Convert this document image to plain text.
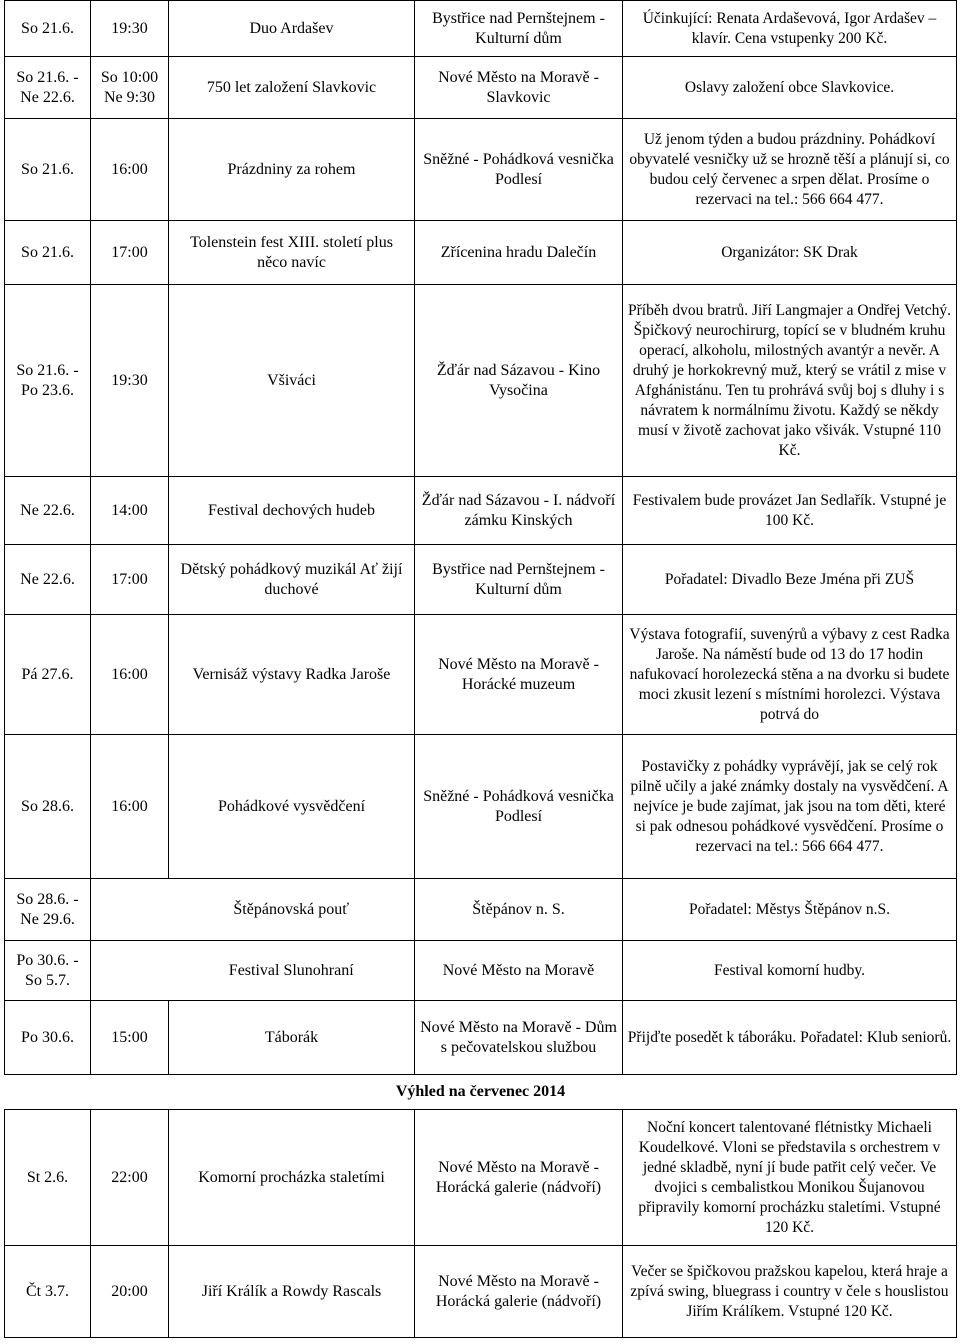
So 21.6.	19:30	Duo Ardašev	Bystřice nad Pernštejnem - Kulturní dům	Účinkující: Renata Ardaševová, Igor Ardašev – klavír. Cena vstupenky 200 Kč.
So 21.6. - Ne 22.6.	So 10:00 Ne 9:30	750 let založení Slavkovic	Nové Město na Moravě - Slavkovic	Oslavy založení obce Slavkovice.
So 21.6.	16:00	Prázdniny za rohem	Sněžné - Pohádková vesnička Podlesí	Už jenom týden a budou prázdniny. Pohádkoví obyvatelé vesničky už se hrozně těší a plánují si, co budou celý červenec a srpen dělat. Prosíme o rezervaci na tel.: 566 664 477.
So 21.6.	17:00	Tolenstein fest XIII. století plus něco navíc	Zřícenina hradu Dalečín	Organizátor: SK Drak
So 21.6. - Po 23.6.	19:30	Všiváci	Žďár nad Sázavou - Kino Vysočina	Příběh dvou bratrů. Jiří Langmajer a Ondřej Vetchý. Špičkový neurochirurg, topící se v bludném kruhu operací, alkoholu, milostných avantýr a nevěr. A druhý je horkokrevný muž, který se vrátil z mise v Afghánistánu. Ten tu prohrává svůj boj s dluhy i s návratem k normálnímu životu. Každý se někdy musí v životě zachovat jako všivák. Vstupné 110 Kč.
Ne 22.6.	14:00	Festival dechových hudeb	Žďár nad Sázavou - I. nádvoří zámku Kinských	Festivalem bude provázet Jan Sedlařík. Vstupné je 100 Kč.
Ne 22.6.	17:00	Dětský pohádkový muzikál Ať žijí duchové	Bystřice nad Pernštejnem - Kulturní dům	Pořadatel: Divadlo Beze Jména při ZUŠ
Pá 27.6.	16:00	Vernisáž výstavy Radka Jaroše	Nové Město na Moravě - Horácké muzeum	Výstava fotografií, suvenýrů a výbavy z cest Radka Jaroše. Na náměstí bude od 13 do 17 hodin nafukovací horolezecká stěna a na dvorku si budete moci zkusit lezení s místními horolezci. Výstava potrvá do
So 28.6.	16:00	Pohádkové vysvědčení	Sněžné - Pohádková vesnička Podlesí	Postavičky z pohádky vyprávějí, jak se celý rok pilně učily a jaké známky dostaly na vysvědčení. A nejvíce je bude zajímat, jak jsou na tom děti, které si pak odnesou pohádkové vysvědčení. Prosíme o rezervaci na tel.: 566 664 477.
So 28.6. - Ne 29.6.		Štěpánovská pouť	Štěpánov n. S.	Pořadatel: Městys Štěpánov n.S.
Po 30.6. - So 5.7.		Festival Slunohraní	Nové Město na Moravě	Festival komorní hudby.
Po 30.6.	15:00	Táborák	Nové Město na Moravě - Dům s pečovatelskou službou	Přijďte posedět k táboráku. Pořadatel: Klub seniorů.
Výhled na červenec 2014				
St 2.6.	22:00	Komorní procházka staletími	Nové Město na Moravě - Horácká galerie (nádvoří)	Noční koncert talentované flétnistky Michaeli Koudelkové. Vloni se představila s orchestrem v jedné skladbě, nyní jí bude patřit celý večer. Ve dvojici s cembalistkou Monikou Šujanovou připravily komorní procházku staletími. Vstupné 120 Kč.
Čt 3.7.	20:00	Jiří Králík a Rowdy Rascals	Nové Město na Moravě - Horácká galerie (nádvoří)	Večer se špičkovou pražskou kapelou, která hraje a zpívá swing, bluegrass i country v čele s houslistou Jiřím Králíkem. Vstupné 120 Kč.
